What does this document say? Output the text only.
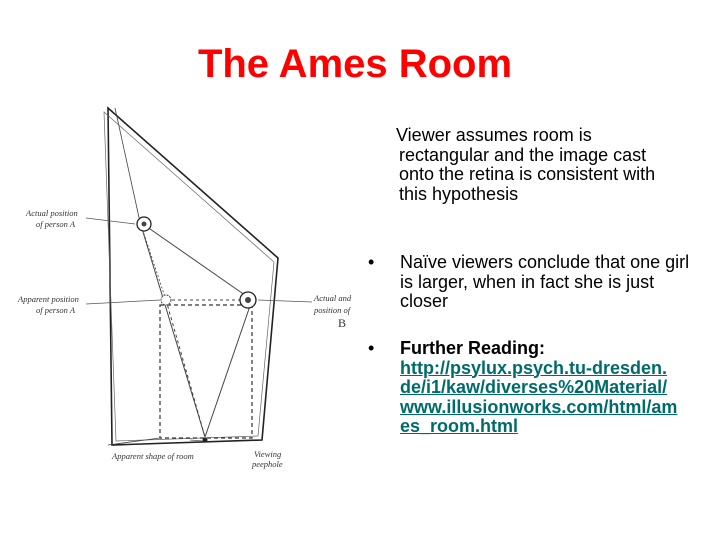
The Ames Room
Actual position
of person A
Apparent position
of person A
Actual and
position of
B
Apparent shape of room	Viewing
peephole
Viewer assumes room is
rectangular and the image cast onto the retina is consistent with this hypothesis
• Naïve viewers conclude that one girl is larger, when in fact she is just closer
• Further Reading:
http://psylux.psych.tu-dresden.de/i1/kaw/diverses%20Material/www.illusionworks.com/html/ames_room.html
